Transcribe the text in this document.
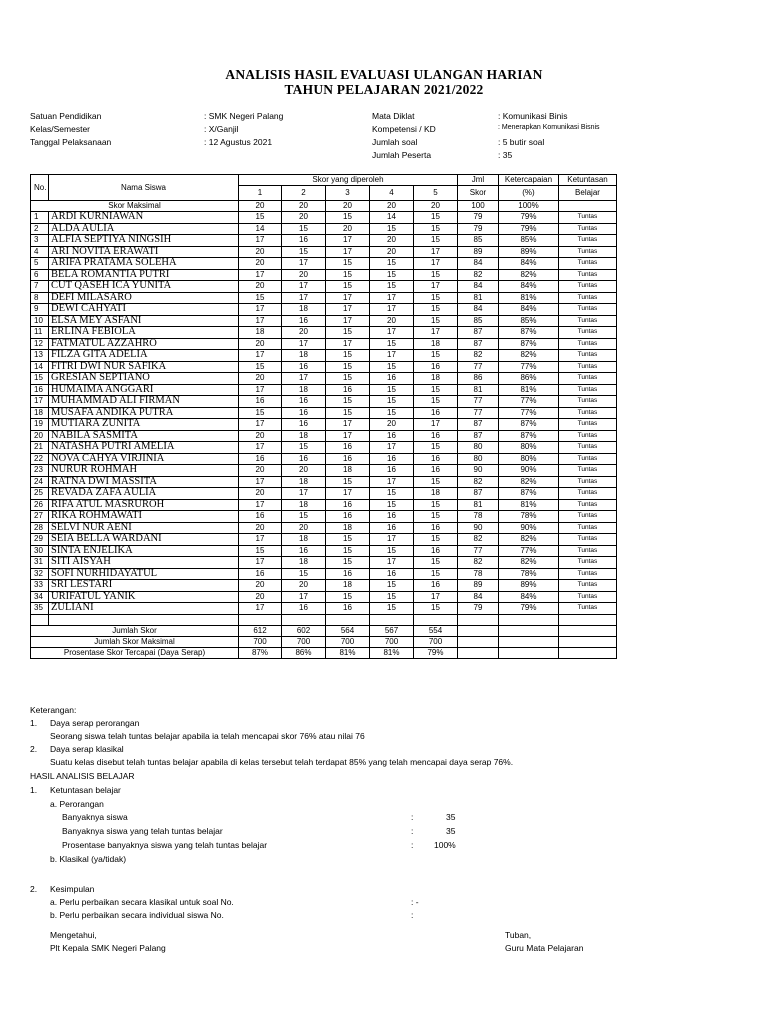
ANALISIS HASIL EVALUASI ULANGAN HARIAN
TAHUN PELAJARAN 2021/2022
Satuan Pendidikan	: SMK Negeri Palang
Kelas/Semester	: X/Ganjil
Tanggal Pelaksanaan	: 12 Agustus 2021
Mata Diklat	: Komunikasi Binis
Kompetensi / KD	: Menerapkan Komunikasi Bisnis
Jumlah soal	: 5 butir soal
Jumlah Peserta	: 35
No.	Nama Siswa	Skor yang diperoleh					Jml	Ketercapaian	Ketuntasan
		1	2	3	4	5	Skor	(%)	Belajar
Skor Maksimal		20	20	20	20	20	100	100%	
1	ARDI KURNIAWAN	15	20	15	14	15	79	79%	Tuntas
2	ALDA AULIA	14	15	20	15	15	79	79%	Tuntas
3	ALFIA SEPTIYA NINGSIH	17	16	17	20	15	85	85%	Tuntas
4	ARI NOVITA ERAWATI	20	15	17	20	17	89	89%	Tuntas
5	ARIFA PRATAMA SOLEHA	20	17	15	15	17	84	84%	Tuntas
6	BELA ROMANTIA PUTRI	17	20	15	15	15	82	82%	Tuntas
7	CUT QASEH ICA YUNITA	20	17	15	15	17	84	84%	Tuntas
8	DEFI MILASARO	15	17	17	17	15	81	81%	Tuntas
9	DEWI CAHYATI	17	18	17	17	15	84	84%	Tuntas
10	ELSA MEY ASFANI	17	16	17	20	15	85	85%	Tuntas
11	ERLINA FEBIOLA	18	20	15	17	17	87	87%	Tuntas
12	FATMATUL AZZAHRO	20	17	17	15	18	87	87%	Tuntas
13	FILZA GITA ADELIA	17	18	15	17	15	82	82%	Tuntas
14	FITRI DWI NUR SAFIKA	15	16	15	15	16	77	77%	Tuntas
15	GRESIAN SEPTIANO	20	17	15	16	18	86	86%	Tuntas
16	HUMAIMA ANGGARI	17	18	16	15	15	81	81%	Tuntas
17	MUHAMMAD ALI FIRMAN	16	16	15	15	15	77	77%	Tuntas
18	MUSAFA ANDIKA PUTRA	15	16	15	15	16	77	77%	Tuntas
19	MUTIARA ZUNITA	17	16	17	20	17	87	87%	Tuntas
20	NABILA SASMITA	20	18	17	16	16	87	87%	Tuntas
21	NATASHA PUTRI AMELIA	17	15	16	17	15	80	80%	Tuntas
22	NOVA CAHYA VIRJINIA	16	16	16	16	16	80	80%	Tuntas
23	NURUR ROHMAH	20	20	18	16	16	90	90%	Tuntas
24	RATNA DWI MASSITA	17	18	15	17	15	82	82%	Tuntas
25	REVADA ZAFA AULIA	20	17	17	15	18	87	87%	Tuntas
26	RIFA ATUL MASRUROH	17	18	16	15	15	81	81%	Tuntas
27	RIKA ROHMAWATI	16	15	16	16	15	78	78%	Tuntas
28	SELVI NUR AENI	20	20	18	16	16	90	90%	Tuntas
29	SEIA BELLA WARDANI	17	18	15	17	15	82	82%	Tuntas
30	SINTA ENJELIKA	15	16	15	15	16	77	77%	Tuntas
31	SITI AISYAH	17	18	15	17	15	82	82%	Tuntas
32	SOFI NURHIDAYATUL	16	15	16	16	15	78	78%	Tuntas
33	SRI LESTARI	20	20	18	15	16	89	89%	Tuntas
34	URIFATUL YANIK	20	17	15	15	17	84	84%	Tuntas
35	ZULIANI	17	16	16	15	15	79	79%	Tuntas

Jumlah Skor		612	602	564	567	554			
Jumlah Skor Maksimal		700	700	700	700	700			
Prosentase Skor Tercapai (Daya Serap)		87%	86%	81%	81%	79%			
Keterangan:
1. Daya serap perorangan
Seorang siswa telah tuntas belajar apabila ia telah mencapai skor 76% atau nilai 76
2. Daya serap klasikal
Suatu kelas disebut telah tuntas belajar apabila di kelas tersebut telah terdapat 85% yang telah mencapai daya serap 76%.
HASIL ANALISIS BELAJAR
1. Ketuntasan belajar
a. Perorangan
Banyaknya siswa	:	35
Banyaknya siswa yang telah tuntas belajar	:	35
Prosentase banyaknya siswa yang telah tuntas belajar	: 100%
b. Klasikal (ya/tidak)
2. Kesimpulan
a. Perlu perbaikan secara klasikal untuk soal No.	: -
b. Perlu perbaikan secara individual siswa No.	:
Mengetahui,
Plt Kepala SMK Negeri Palang
Tuban,
Guru Mata Pelajaran
